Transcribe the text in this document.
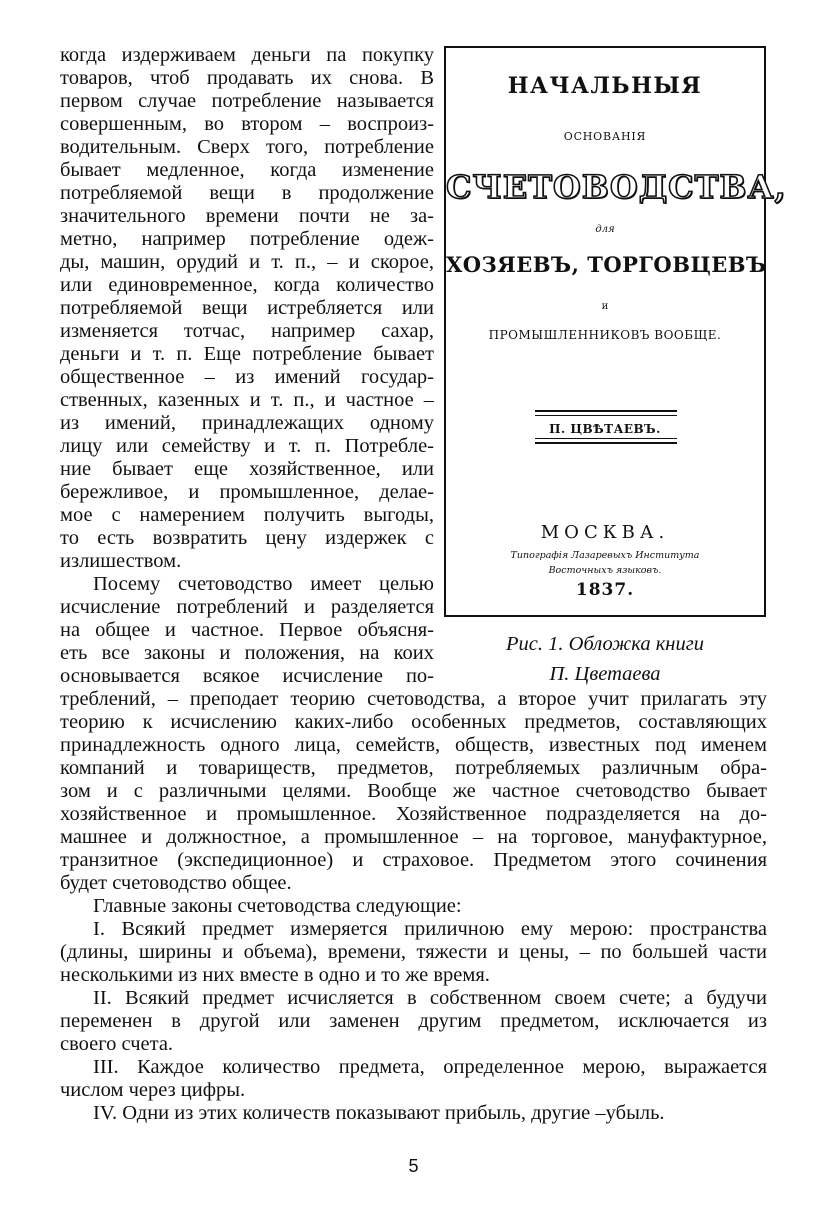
когда издерживаем деньги па покупку

товаров, чтоб продавать их снова. В

первом случае потребление называется

совершенным, во втором – воспроиз-

водительным. Сверх того, потребление

бывает медленное, когда изменение

потребляемой вещи в продолжение

значительного времени почти не за-

метно, например потребление одеж-

ды, машин, орудий и т. п., – и скорое,

или единовременное, когда количество

потребляемой вещи истребляется или

изменяется тотчас, например сахар,

деньги и т. п. Еще потребление бывает

общественное – из имений государ-

ственных, казенных и т. п., и частное –

из имений, принадлежащих одному

лицу или семейству и т. п. Потребле-

ние бывает еще хозяйственное, или

бережливое, и промышленное, делае-

мое с намерением получить выгоды,

то есть возвратить цену издержек с

излишеством.

Посему счетоводство имеет целью

исчисление потреблений и разделяется

на общее и частное. Первое объясня-

еть все законы и положения, на коих

основывается всякое исчисление по-

треблений, – преподает теорию счетоводства, а второе учит прилагать эту

теорию к исчислению каких-либо особенных предметов, составляющих

принадлежность одного лица, семейств, обществ, известных под именем

компаний и товариществ, предметов, потребляемых различным обра-

зом и с различными целями. Вообще же частное счетоводство бывает

хозяйственное и промышленное. Хозяйственное подразделяется на до-

машнее и должностное, а промышленное – на торговое, мануфактурное,

транзитное (экспедиционное) и страховое. Предметом этого сочинения

будет счетоводство общее.

Главные законы счетоводства следующие:

I. Всякий предмет измеряется приличною ему мерою: пространства

(длины, ширины и объема), времени, тяжести и цены, – по большей части

несколькими из них вместе в одно и то же время.

II. Всякий предмет исчисляется в собственном своем счете; а будучи

переменен в другой или заменен другим предметом, исключается из

своего счета.

III. Каждое количество предмета, определенное мерою, выражается

числом через цифры.

IV. Одни из этих количеств показывают прибыль, другие –убыль.

НАЧАЛЬНЫЯ
ОСНОВАНІЯ
СЧЕТОВОДСТВА,
для
ХОЗЯЕВЪ, ТОРГОВЦЕВЪ
и
ПРОМЫШЛЕННИКОВЪ ВООБЩЕ.
П. ЦВѢТАЕВЪ.
МОСКВА.
Типографія Лазаревыхъ Института
Восточныхъ языковъ.
1837.
Рис. 1. Обложка книги
П. Цветаева
5
